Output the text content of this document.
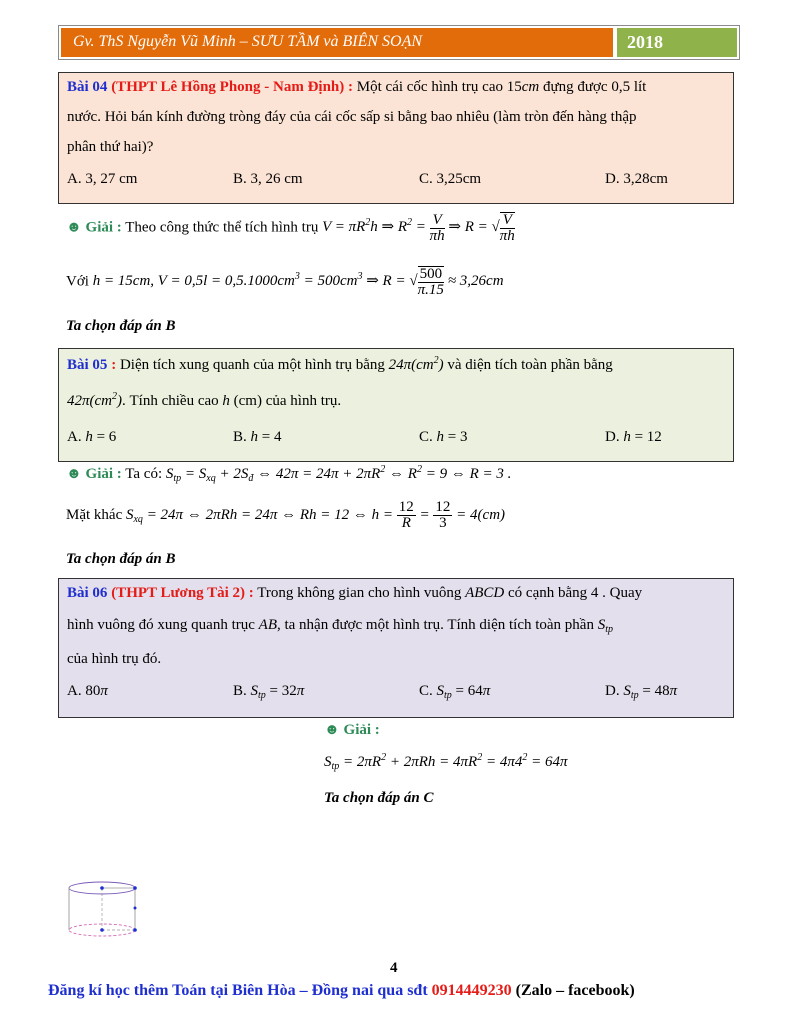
Gv. ThS Nguyễn Vũ Minh – SƯU TẦM và BIÊN SOẠN	2018

Bài 04 (THPT Lê Hồng Phong - Nam Định) : Một cái cốc hình trụ cao 15cm đựng được 0,5 lít

nước. Hỏi bán kính đường tròng đáy của cái cốc sấp si bằng bao nhiêu (làm tròn đến hàng thập

phân thứ hai)?

A. 3, 27 cm	B. 3, 26 cm	C. 3,25cm	D. 3,28cm
☻ Giải : Theo công thức thể tích hình trụ $V = \pi R^2h$ ⇒ $R^2 = \frac{V}{\pi h}$ ⇒ R = √ $\frac{V}{\pi h}$
Với h = 15cm, $V = 0,5l = 0,5.1000cm^3 = 500cm^3$ ⇒ R = √ $\frac{500}{\pi.15} \approx 3,26cm$
Ta chọn đáp án B

Bài 05 : Diện tích xung quanh của một hình trụ bằng $24\pi(cm^2)$ và diện tích toàn phần bằng

$42\pi(cm^2)$. Tính chiều cao h (cm) của hình trụ.

A. h = 6	B. h = 4	C. h = 3	D. h = 12
☻ Giải : Ta có: $S_{tp} = S_{xq} + 2S_đ$ ⇔ $42\pi = 24\pi + 2\pi R^2$ ⇔ $R^2 = 9$ ⇔ R = 3 .
Mặt khác $S_{xq} = 24\pi$ ⇔ 2πRh = 24π ⇔ Rh = 12 ⇔ $h = \frac{12}{R} = \frac{12}{3} = 4(cm)$
Ta chọn đáp án B

Bài 06 (THPT Lương Tài 2) : Trong không gian cho hình vuông ABCD có cạnh bằng 4 . Quay

hình vuông đó xung quanh trục AB, ta nhận được một hình trụ. Tính diện tích toàn phần $S_{tp}$

của hình trụ đó.

A. 80π	B. $S_{tp} = 32\pi$	C. $S_{tp} = 64\pi$	D. $S_{tp} = 48\pi$
☻ Giải :
$S_{tp} = 2\pi R^2 + 2\pi Rh = 4\pi R^2 = 4\pi 4^2 = 64\pi$
Ta chọn đáp án C
4
Đăng kí học thêm Toán tại Biên Hòa – Đồng nai qua sđt 0914449230 (Zalo – facebook)
